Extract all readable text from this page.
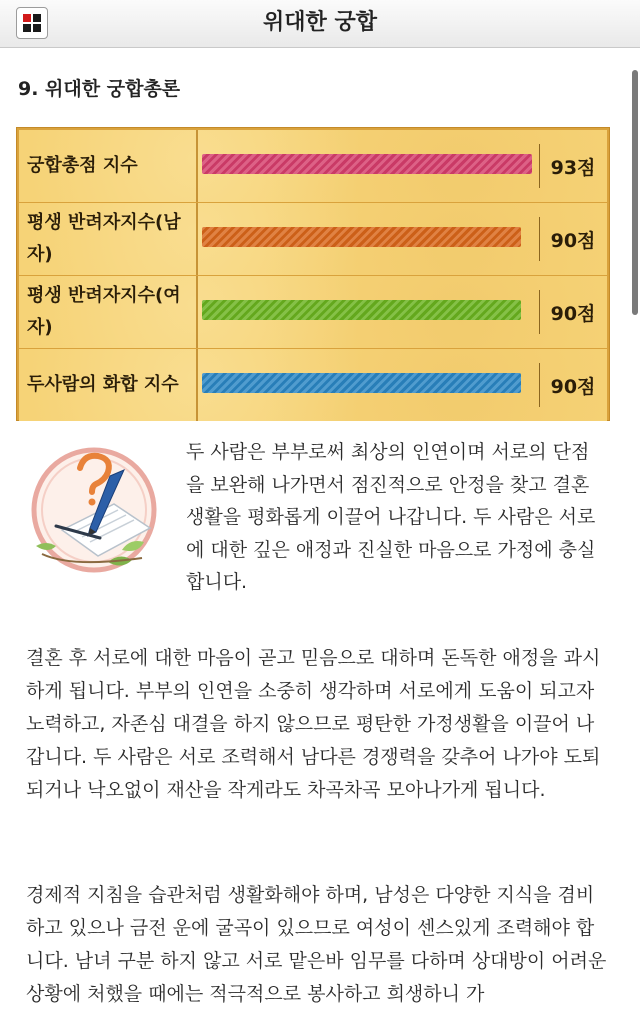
위대한 궁합
9. 위대한 궁합총론
궁합총점 지수	93점
평생 반려자지수(남자)
90점
평생 반려자지수(여자)
90점
두사람의 화합 지수	90점
두 사람은 부부로써 최상의 인연이며 서로의 단점을 보완해 나가면서 점진적으로 안정을 찾고 결혼생활을 평화롭게 이끌어 나갑니다. 두 사람은 서로에 대한 깊은 애정과 진실한 마음으로 가정에 충실합니다.
결혼 후 서로에 대한 마음이 곧고 믿음으로 대하며 돈독한 애정을 과시하게 됩니다. 부부의 인연을 소중히 생각하며 서로에게 도움이 되고자 노력하고, 자존심 대결을 하지 않으므로 평탄한 가정생활을 이끌어 나갑니다. 두 사람은 서로 조력해서 남다른 경쟁력을 갖추어 나가야 도퇴되거나 낙오없이 재산을 작게라도 차곡차곡 모아나가게 됩니다.
경제적 지침을 습관처럼 생활화해야 하며, 남성은 다양한 지식을 겸비하고 있으나 금전 운에 굴곡이 있으므로 여성이 센스있게 조력해야 합니다. 남녀 구분 하지 않고 서로 맡은바 임무를 다하며 상대방이 어려운 상황에 처했을 때에는 적극적으로 봉사하고 희생하니 가
